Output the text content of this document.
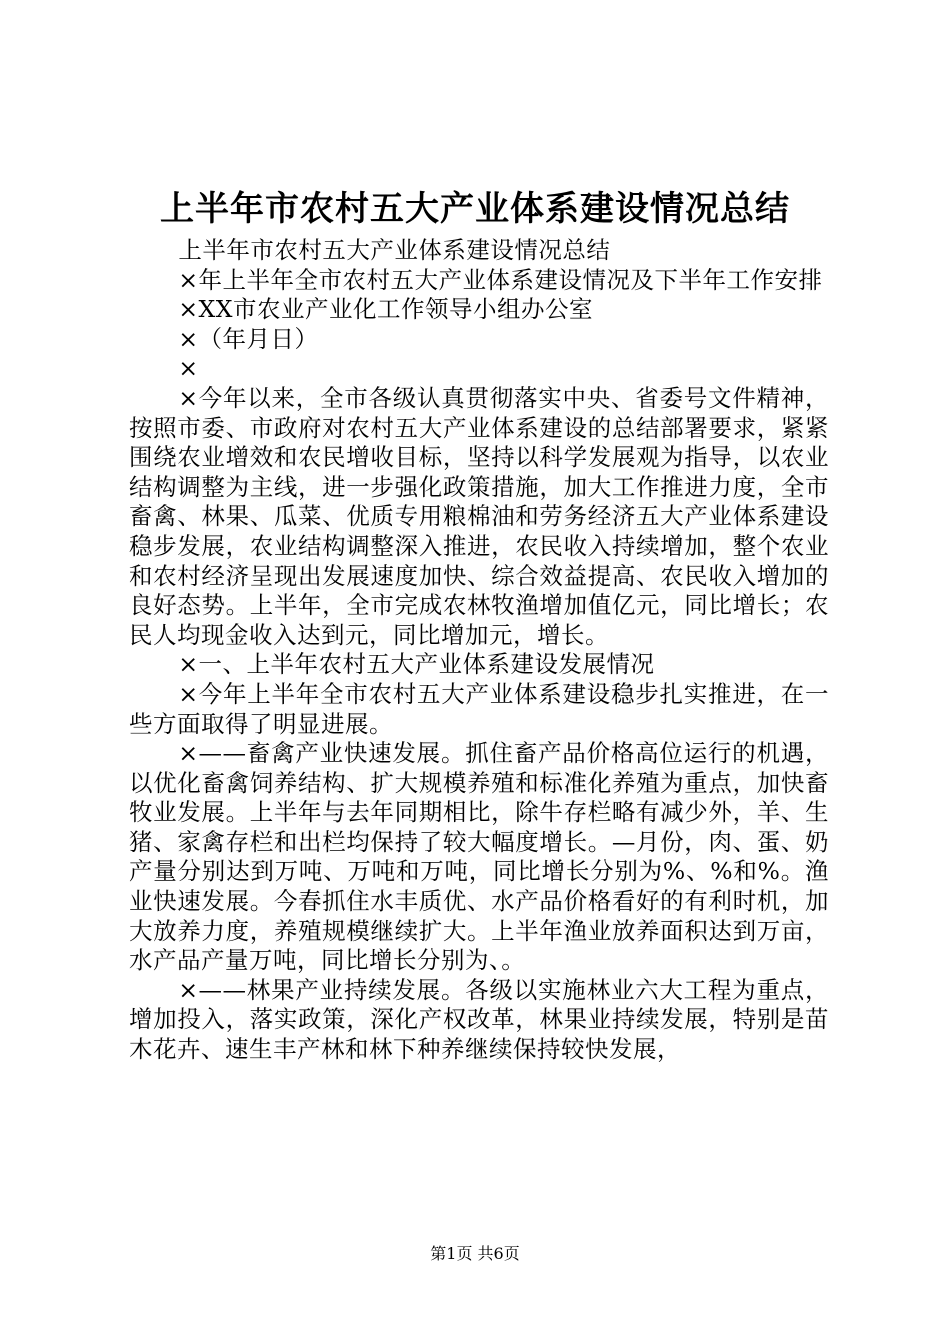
上半年市农村五大产业体系建设情况总结

上半年市农村五大产业体系建设情况总结

×年上半年全市农村五大产业体系建设情况及下半年工作安排

×XX市农业产业化工作领导小组办公室

×（年月日）

×

×今年以来，全市各级认真贯彻落实中央、省委号文件精神，按照市委、市政府对农村五大产业体系建设的总结部署要求，紧紧围绕农业增效和农民增收目标，坚持以科学发展观为指导，以农业结构调整为主线，进一步强化政策措施，加大工作推进力度，全市畜禽、林果、瓜菜、优质专用粮棉油和劳务经济五大产业体系建设稳步发展，农业结构调整深入推进，农民收入持续增加，整个农业和农村经济呈现出发展速度加快、综合效益提高、农民收入增加的良好态势。上半年，全市完成农林牧渔增加值亿元，同比增长；农民人均现金收入达到元，同比增加元，增长。

×一、上半年农村五大产业体系建设发展情况

×今年上半年全市农村五大产业体系建设稳步扎实推进，在一些方面取得了明显进展。

×——畜禽产业快速发展。抓住畜产品价格高位运行的机遇，以优化畜禽饲养结构、扩大规模养殖和标准化养殖为重点，加快畜牧业发展。上半年与去年同期相比，除牛存栏略有减少外，羊、生猪、家禽存栏和出栏均保持了较大幅度增长。—月份，肉、蛋、奶产量分别达到万吨、万吨和万吨，同比增长分别为%、%和%。渔业快速发展。今春抓住水丰质优、水产品价格看好的有利时机，加大放养力度，养殖规模继续扩大。上半年渔业放养面积达到万亩，水产品产量万吨，同比增长分别为、。

×——林果产业持续发展。各级以实施林业六大工程为重点，增加投入，落实政策，深化产权改革，林果业持续发展，特别是苗木花卉、速生丰产林和林下种养继续保持较快发展，

第1页 共6页
